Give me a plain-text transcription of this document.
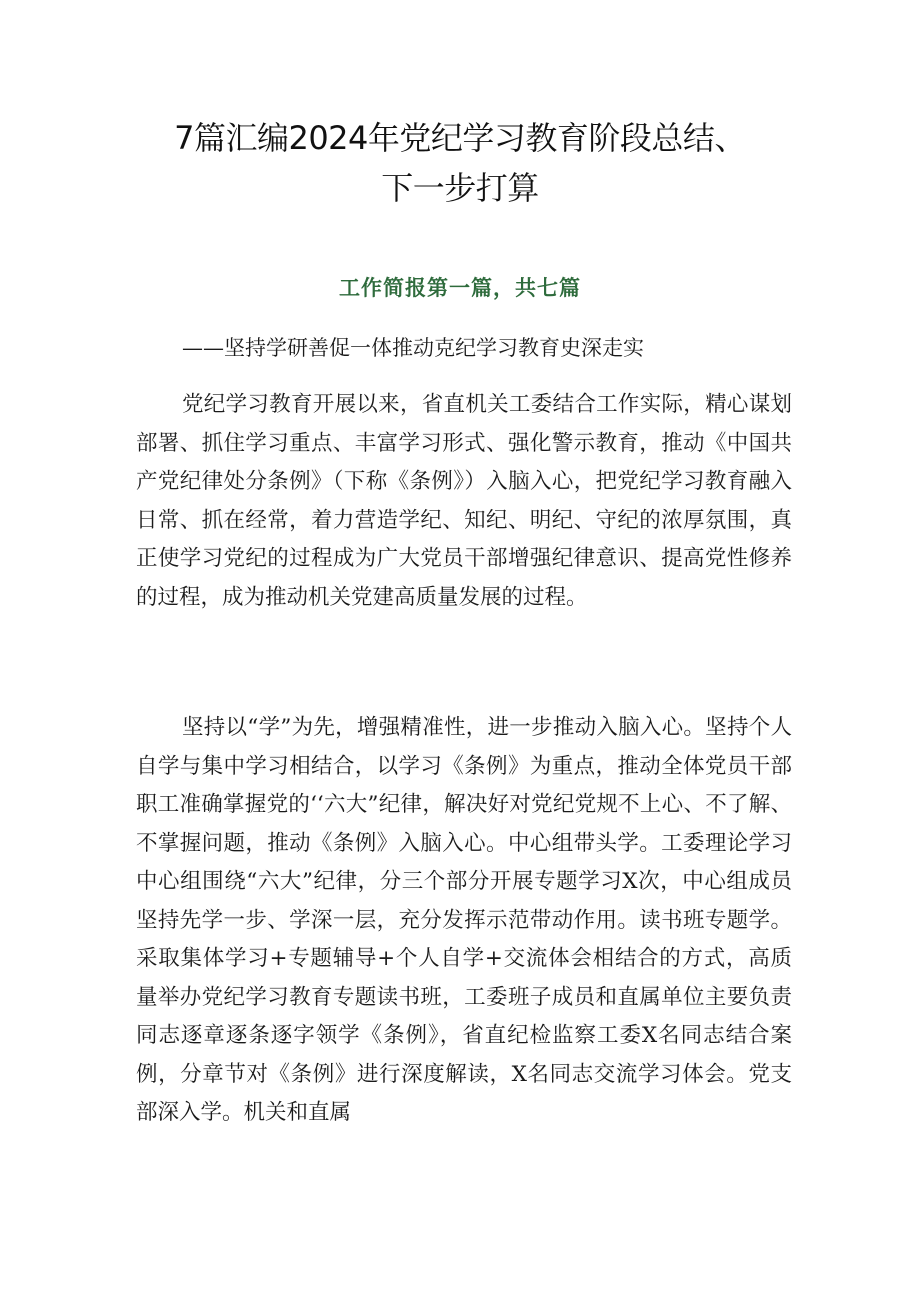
7篇汇编2024年党纪学习教育阶段总结、
下一步打算
工作简报第一篇，共七篇
——坚持学研善促一体推动克纪学习教育史深走实

党纪学习教育开展以来，省直机关工委结合工作实际，精心谋划部署、抓住学习重点、丰富学习形式、强化警示教育，推动《中国共产党纪律处分条例》（下称《条例》）入脑入心，把党纪学习教育融入日常、抓在经常，着力营造学纪、知纪、明纪、守纪的浓厚氛围，真正使学习党纪的过程成为广大党员干部增强纪律意识、提高党性修养的过程，成为推动机关党建高质量发展的过程。

坚持以“学”为先，增强精准性，进一步推动入脑入心。坚持个人自学与集中学习相结合，以学习《条例》为重点，推动全体党员干部职工准确掌握党的‘‘六大”纪律，解决好对党纪党规不上心、不了解、不掌握问题，推动《条例》入脑入心。中心组带头学。工委理论学习中心组围绕“六大”纪律，分三个部分开展专题学习X次，中心组成员坚持先学一步、学深一层，充分发挥示范带动作用。读书班专题学。采取集体学习+专题辅导+个人自学+交流体会相结合的方式，高质量举办党纪学习教育专题读书班，工委班子成员和直属单位主要负责同志逐章逐条逐字领学《条例》，省直纪检监察工委X名同志结合案例，分章节对《条例》进行深度解读，X名同志交流学习体会。党支部深入学。机关和直属
